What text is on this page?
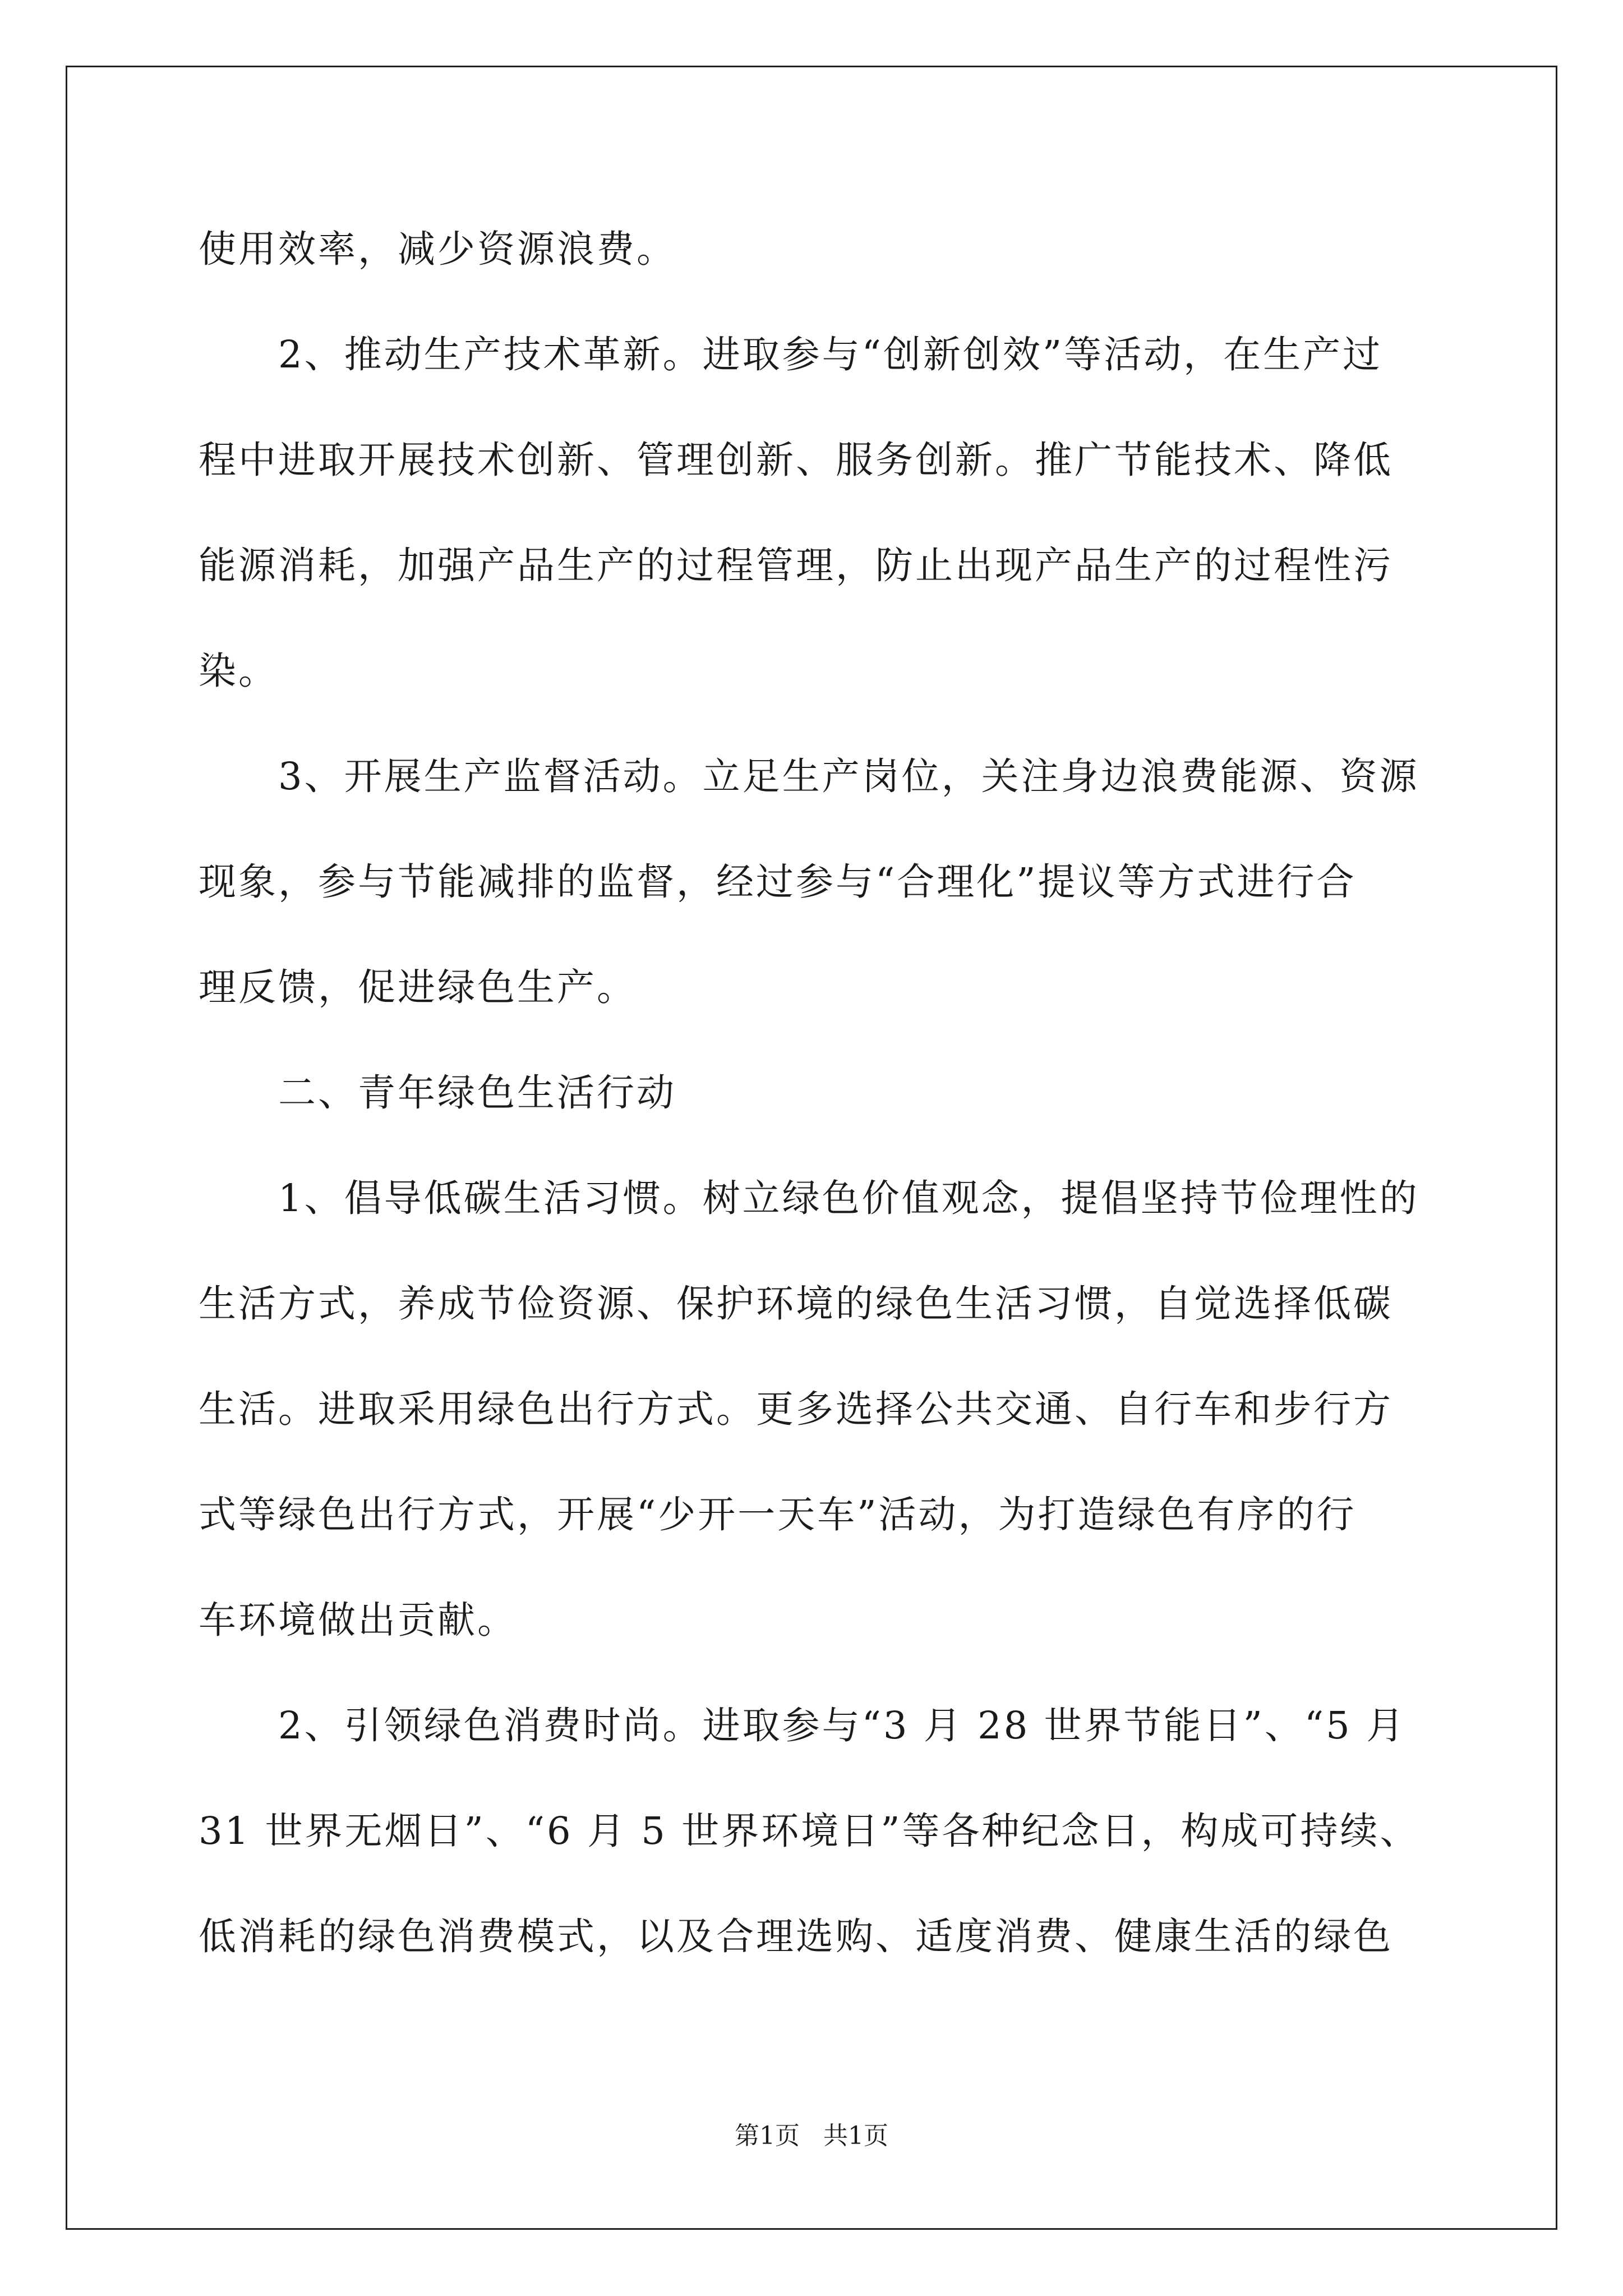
使用效率，减少资源浪费。
2、推动生产技术革新。进取参与“创新创效”等活动，在生产过
程中进取开展技术创新、管理创新、服务创新。推广节能技术、降低
能源消耗，加强产品生产的过程管理，防止出现产品生产的过程性污
染。
3、开展生产监督活动。立足生产岗位，关注身边浪费能源、资源
现象，参与节能减排的监督，经过参与“合理化”提议等方式进行合
理反馈，促进绿色生产。
二、青年绿色生活行动
1、倡导低碳生活习惯。树立绿色价值观念，提倡坚持节俭理性的
生活方式，养成节俭资源、保护环境的绿色生活习惯，自觉选择低碳
生活。进取采用绿色出行方式。更多选择公共交通、自行车和步行方
式等绿色出行方式，开展“少开一天车”活动，为打造绿色有序的行
车环境做出贡献。
2、引领绿色消费时尚。进取参与“3 月 28 世界节能日”、“5 月
31 世界无烟日”、“6 月 5 世界环境日”等各种纪念日，构成可持续、
低消耗的绿色消费模式，以及合理选购、适度消费、健康生活的绿色
第1页   共1页
